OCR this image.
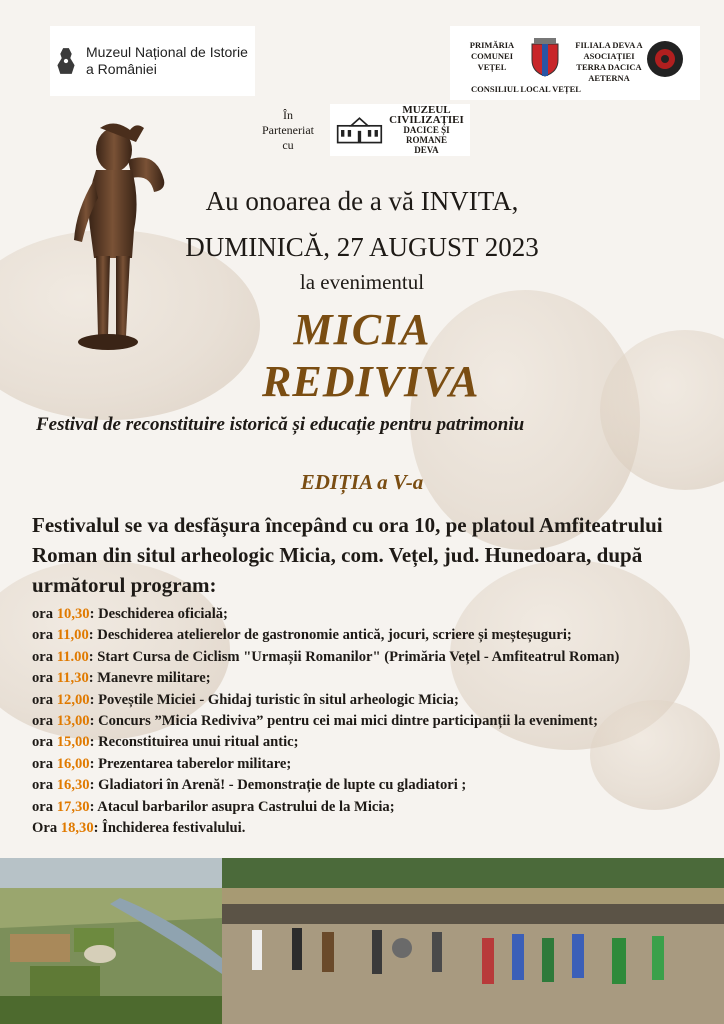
Muzeul Național de Istorie a României
În Parteneriat cu
MUZEUL
CIVILIZAȚIEI
DACICE ȘI ROMANE
DEVA
PRIMĂRIA COMUNEI VEȚEL
FILIALA DEVA A ASOCIAȚIEI TERRA DACICA AETERNA
CONSILIUL LOCAL VEȚEL
Au onoarea de a vă INVITA,
DUMINICĂ, 27 AUGUST 2023
la evenimentul
MICIA
REDIVIVA
Festival de reconstituire istorică și educație pentru patrimoniu
EDIȚIA a V-a
Festivalul se va desfășura începând cu ora 10, pe platoul Amfiteatrului Roman din situl arheologic Micia, com. Vețel, jud. Hunedoara, după următorul program:
ora 10,30: Deschiderea oficială;
ora 11,00: Deschiderea atelierelor de gastronomie antică, jocuri, scriere și meșteșuguri;
ora 11.00: Start Cursa de Ciclism "Urmașii Romanilor" (Primăria Vețel - Amfiteatrul Roman)
ora 11,30: Manevre militare;
ora 12,00: Poveștile Miciei - Ghidaj turistic în situl arheologic Micia;
ora 13,00: Concurs ”Micia Rediviva” pentru cei mai mici dintre participanții la eveniment;
ora 15,00: Reconstituirea unui ritual antic;
ora 16,00: Prezentarea taberelor militare;
ora 16,30: Gladiatori în Arenă! - Demonstrație de lupte cu gladiatori ;
ora 17,30: Atacul barbarilor asupra Castrului de la Micia;
Ora 18,30: Închiderea festivalului.
